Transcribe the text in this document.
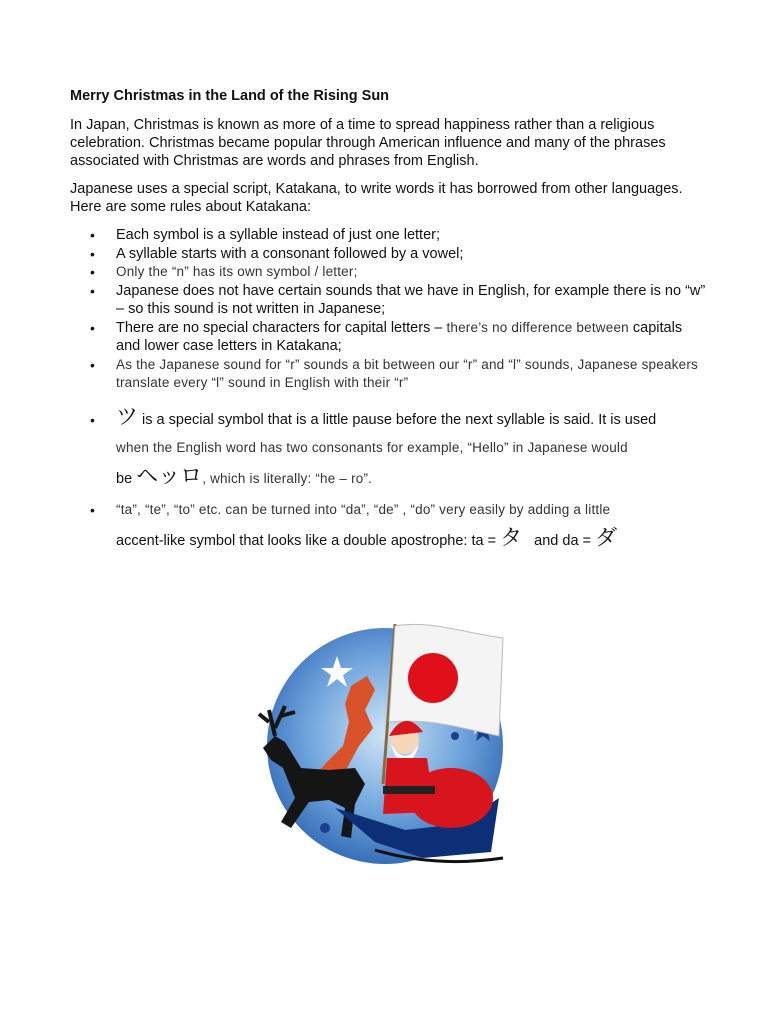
Merry Christmas in the Land of the Rising Sun

In Japan, Christmas is known as more of a time to spread happiness rather than a religious celebration. Christmas became popular through American influence and many of the phrases associated with Christmas are words and phrases from English.

Japanese uses a special script, Katakana, to write words it has borrowed from other languages. Here are some rules about Katakana:

• Each symbol is a syllable instead of just one letter;
• A syllable starts with a consonant followed by a vowel;
• Only the “n” has its own symbol / letter;
• Japanese does not have certain sounds that we have in English, for example there is no “w” – so this sound is not written in Japanese;
• There are no special characters for capital letters – there’s no difference between capitals and lower case letters in Katakana;
• As the Japanese sound for “r” sounds a bit between our “r” and “l” sounds, Japanese speakers translate every “l” sound in English with their “r”
• ツ is a special symbol that is a little pause before the next syllable is said. It is used
when the English word has two consonants for example, “Hello” in Japanese would
be ヘッロ, which is literally: “he – ro”.
• “ta”, “te”, “to” etc. can be turned into “da”, “de” , “do” very easily by adding a little
accent-like symbol that looks like a double apostrophe: ta = タ   and da = ダ
